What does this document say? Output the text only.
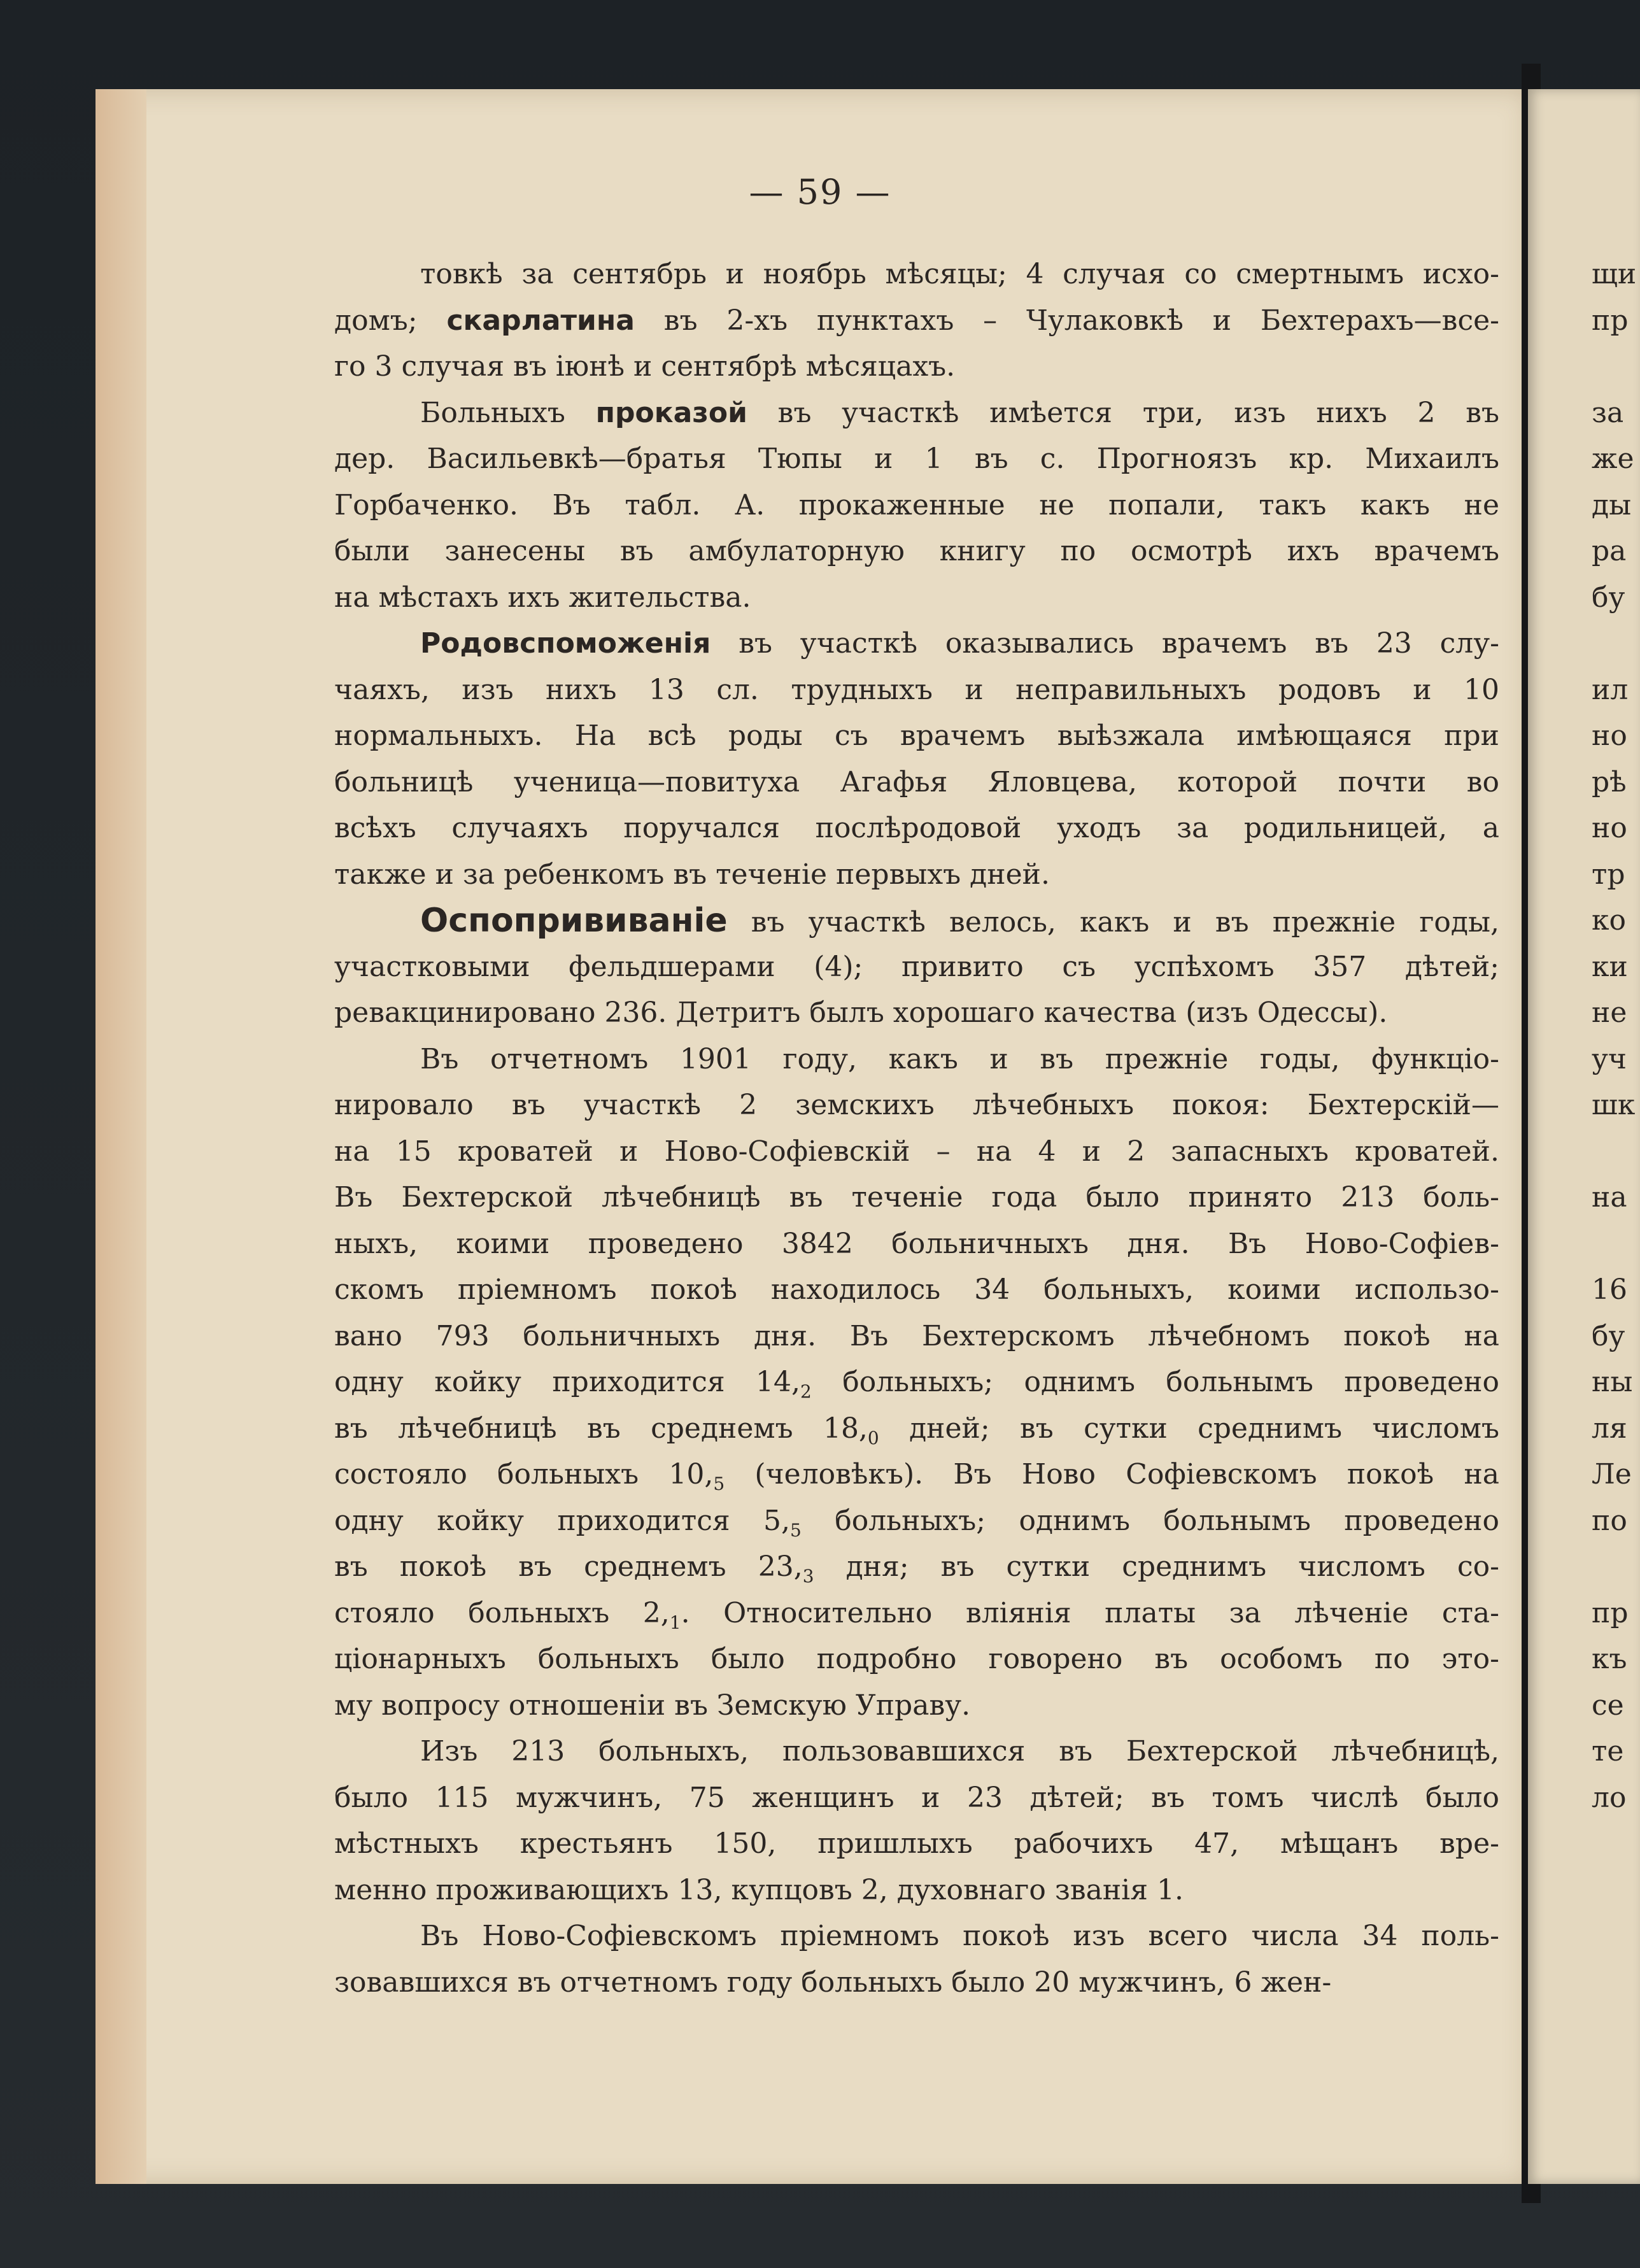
— 59 —
товкѣ за сентябрь и ноябрь мѣсяцы; 4 случая со смертнымъ исхо-
домъ; скарлатина въ 2-хъ пунктахъ – Чулаковкѣ и Бехтерахъ—все-
го 3 случая въ іюнѣ и сентябрѣ мѣсяцахъ.
Больныхъ проказой въ участкѣ имѣется три, изъ нихъ 2 въ
дер. Васильевкѣ—братья Тюпы и 1 въ с. Прогноязъ кр. Михаилъ
Горбаченко. Въ табл. А. прокаженные не попали, такъ какъ не
были занесены въ амбулаторную книгу по осмотрѣ ихъ врачемъ
на мѣстахъ ихъ жительства.
Родовспоможенія въ участкѣ оказывались врачемъ въ 23 слу-
чаяхъ, изъ нихъ 13 сл. трудныхъ и неправильныхъ родовъ и 10
нормальныхъ. На всѣ роды съ врачемъ выѣзжала имѣющаяся при
больницѣ ученица—повитуха Агафья Яловцева, которой почти во
всѣхъ случаяхъ поручался послѣродовой уходъ за родильницей, а
также и за ребенкомъ въ теченіе первыхъ дней.
Оспопрививаніе въ участкѣ велось, какъ и въ прежніе годы,
участковыми фельдшерами (4); привито съ успѣхомъ 357 дѣтей;
ревакцинировано 236. Детритъ былъ хорошаго качества (изъ Одессы).
Въ отчетномъ 1901 году, какъ и въ прежніе годы, функціо-
нировало въ участкѣ 2 земскихъ лѣчебныхъ покоя: Бехтерскій—
на 15 кроватей и Ново-Софіевскій – на 4 и 2 запасныхъ кроватей.
Въ Бехтерской лѣчебницѣ въ теченіе года было принято 213 боль-
ныхъ, коими проведено 3842 больничныхъ дня. Въ Ново-Софіев-
скомъ пріемномъ покоѣ находилось 34 больныхъ, коими использо-
вано 793 больничныхъ дня. Въ Бехтерскомъ лѣчебномъ покоѣ на
одну койку приходится $14,_2$ больныхъ; однимъ больнымъ проведено
въ лѣчебницѣ въ среднемъ $18,_0$ дней; въ сутки среднимъ числомъ
состояло больныхъ $10,_5$ (человѣкъ). Въ Ново Софіевскомъ покоѣ на
одну койку приходится $5,_5$ больныхъ; однимъ больнымъ проведено
въ покоѣ въ среднемъ $23,_3$ дня; въ сутки среднимъ числомъ со-
стояло больныхъ $2,_1$. Относительно вліянія платы за лѣченіе ста-
ціонарныхъ больныхъ было подробно говорено въ особомъ по это-
му вопросу отношеніи въ Земскую Управу.
Изъ 213 больныхъ, пользовавшихся въ Бехтерской лѣчебницѣ,
было 115 мужчинъ, 75 женщинъ и 23 дѣтей; въ томъ числѣ было
мѣстныхъ крестьянъ 150, пришлыхъ рабочихъ 47, мѣщанъ вре-
менно проживающихъ 13, купцовъ 2, духовнаго званія 1.
Въ Ново-Софіевскомъ пріемномъ покоѣ изъ всего числа 34 поль-
зовавшихся въ отчетномъ году больныхъ было 20 мужчинъ, 6 жен-
щи
пр
за
же
ды
ра
бу
ил
но
рѣ
но
тр
ко
ки
не
уч
шк
на
16
бу
ны
ля
Ле
по
пр
къ
се
те
ло
